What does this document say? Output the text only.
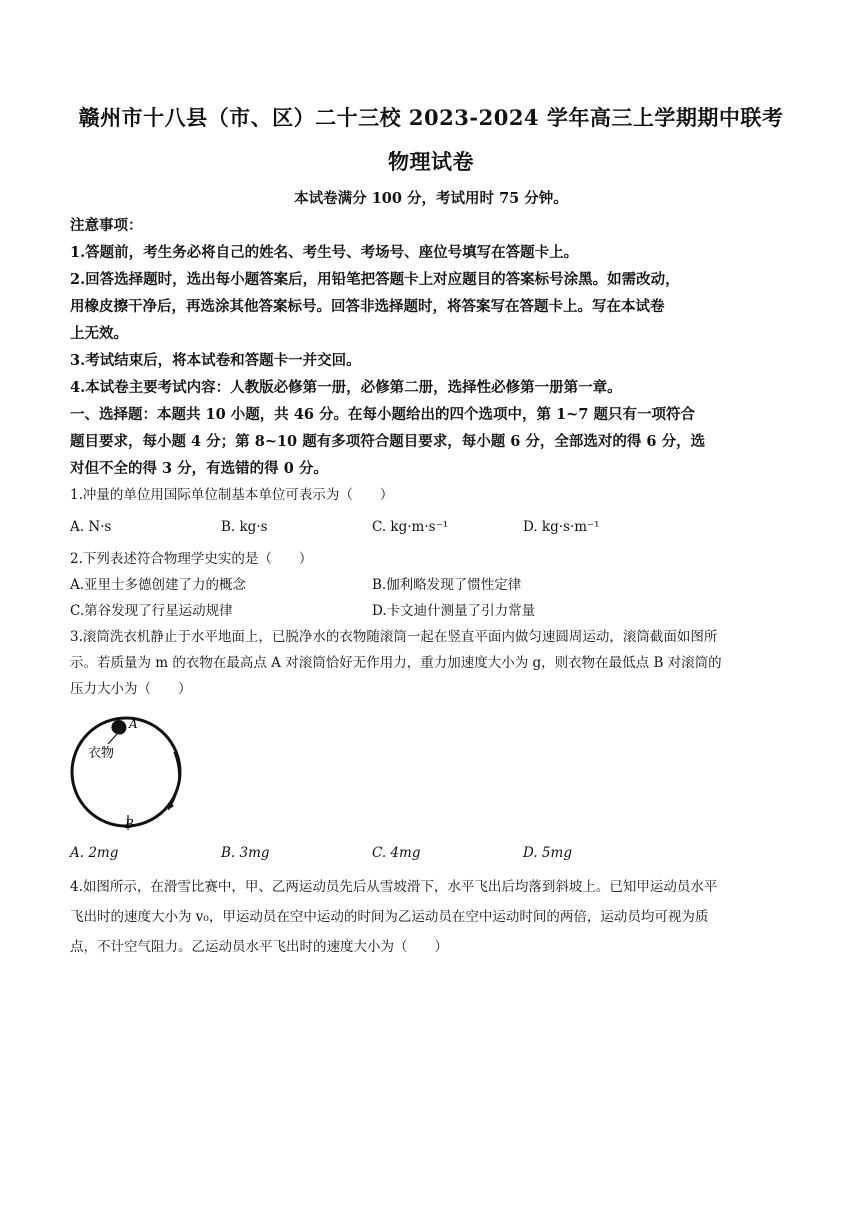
赣州市十八县（市、区）二十三校 2023-2024 学年高三上学期期中联考
物理试卷
本试卷满分 100 分，考试用时 75 分钟。
注意事项：
1.答题前，考生务必将自己的姓名、考生号、考场号、座位号填写在答题卡上。
2.回答选择题时，选出每小题答案后，用铅笔把答题卡上对应题目的答案标号涂黑。如需改动，
用橡皮擦干净后，再选涂其他答案标号。回答非选择题时，将答案写在答题卡上。写在本试卷
上无效。
3.考试结束后，将本试卷和答题卡一并交回。
4.本试卷主要考试内容：人教版必修第一册，必修第二册，选择性必修第一册第一章。
一、选择题：本题共 10 小题，共 46 分。在每小题给出的四个选项中，第 1~7 题只有一项符合
题目要求，每小题 4 分；第 8~10 题有多项符合题目要求，每小题 6 分，全部选对的得 6 分，选
对但不全的得 3 分，有选错的得 0 分。
1.冲量的单位用国际单位制基本单位可表示为（　　）
A. N·s	B. kg·s	C. kg·m·s⁻¹	D. kg·s·m⁻¹
2.下列表述符合物理学史实的是（　　）
A.亚里士多德创建了力的概念	B.伽利略发现了惯性定律
C.第谷发现了行星运动规律	D.卡文迪什测量了引力常量
3.滚筒洗衣机静止于水平地面上，已脱净水的衣物随滚筒一起在竖直平面内做匀速圆周运动，滚筒截面如图所
示。若质量为 m 的衣物在最高点 A 对滚筒恰好无作用力，重力加速度大小为 g，则衣物在最低点 B 对滚筒的
压力大小为（　　）
A
衣物
B
A. 2mg	B. 3mg	C. 4mg	D. 5mg
4.如图所示，在滑雪比赛中，甲、乙两运动员先后从雪坡滑下，水平飞出后均落到斜坡上。已知甲运动员水平
飞出时的速度大小为 v₀，甲运动员在空中运动的时间为乙运动员在空中运动时间的两倍，运动员均可视为质
点，不计空气阻力。乙运动员水平飞出时的速度大小为（　　）
